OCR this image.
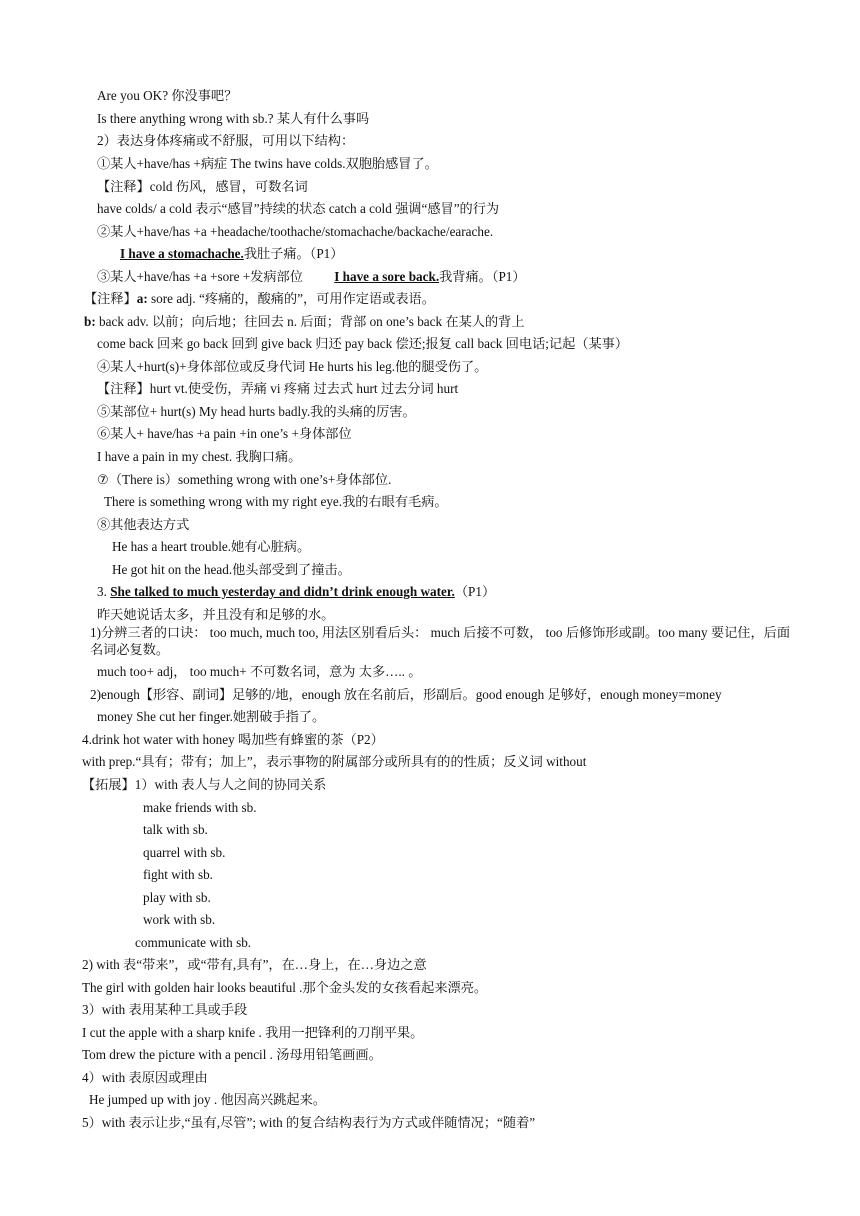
Are you OK? 你没事吧？
Is there anything wrong with sb.? 某人有什么事吗
2）表达身体疼痛或不舒服，可用以下结构：
①某人+have/has +病症 The twins have colds.双胞胎感冒了。
【注释】cold 伤风，感冒，可数名词
have colds/ a cold 表示“感冒”持续的状态 catch a cold 强调“感冒”的行为
②某人+have/has +a +headache/toothache/stomachache/backache/earache.
I have a stomachache.我肚子痛。（P1）
③某人+have/has +a +sore +发病部位 I have a sore back.我背痛。（P1）
【注释】a: sore adj. “疼痛的，酸痛的”，可用作定语或表语。
b: back adv. 以前；向后地；往回去 n. 后面；背部 on one’s back 在某人的背上
come back 回来 go back 回到 give back 归还 pay back 偿还;报复 call back 回电话;记起（某事）
④某人+hurt(s)+身体部位或反身代词 He hurts his leg.他的腿受伤了。
【注释】hurt vt.使受伤，弄痛 vi 疼痛 过去式 hurt 过去分词 hurt
⑤某部位+ hurt(s) My head hurts badly.我的头痛的厉害。
⑥某人+ have/has +a pain +in one’s +身体部位
I have a pain in my chest. 我胸口痛。
⑦（There is）something wrong with one’s+身体部位.
There is something wrong with my right eye.我的右眼有毛病。
⑧其他表达方式
He has a heart trouble.她有心脏病。
He got hit on the head.他头部受到了撞击。
3. She talked to much yesterday and didn’t drink enough water.（P1）
昨天她说话太多，并且没有和足够的水。
1)分辨三者的口诀： too much, much too, 用法区别看后头： much 后接不可数， too 后修饰形或副。too many 要记住，后面名词必复数。
much too+ adj， too much+ 不可数名词，意为 太多….. 。
2)enough【形容、副词】足够的/地，enough 放在名前后，形副后。good enough 足够好，enough money=money
money She cut her finger.她割破手指了。
4.drink hot water with honey 喝加些有蜂蜜的茶（P2）
with prep.“具有；带有；加上”，表示事物的附属部分或所具有的的性质；反义词 without
【拓展】1）with 表人与人之间的协同关系
make friends with sb.
talk with sb.
quarrel with sb.
fight with sb.
play with sb.
work with sb.
communicate with sb.
2) with 表“带来”，或“带有,具有”，在…身上，在…身边之意
The girl with golden hair looks beautiful .那个金头发的女孩看起来漂亮。
3）with 表用某种工具或手段
I cut the apple with a sharp knife . 我用一把锋利的刀削平果。
Tom drew the picture with a pencil . 汤母用铅笔画画。
4）with 表原因或理由
He jumped up with joy . 他因高兴跳起来。
5）with 表示让步,“虽有,尽管”; with 的复合结构表行为方式或伴随情况；“随着”
